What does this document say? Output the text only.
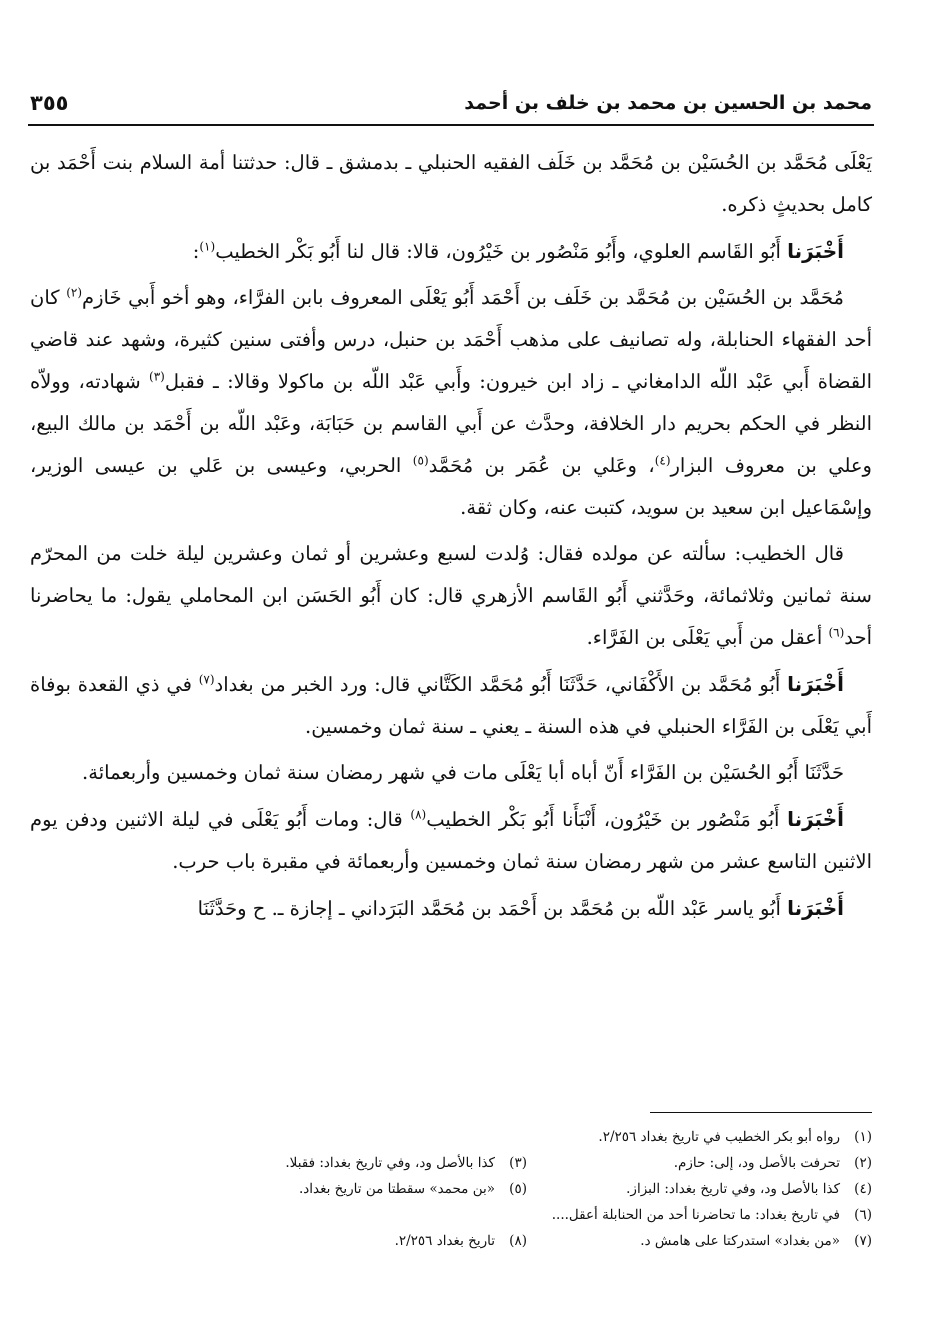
محمد بن الحسين بن محمد بن خلف بن أحمد
٣٥٥

يَعْلَى مُحَمَّد بن الحُسَيْن بن مُحَمَّد بن خَلَف الفقيه الحنبلي ـ بدمشق ـ قال: حدثتنا أمة السلام بنت أَحْمَد بن كامل بحديثٍ ذكره.

أَخْبَرَنا أَبُو القَاسم العلوي، وأَبُو مَنْصُور بن خَيْرُون، قالا: قال لنا أَبُو بَكْر الخطيب$^{(١)}$:

مُحَمَّد بن الحُسَيْن بن مُحَمَّد بن خَلَف بن أَحْمَد أَبُو يَعْلَى المعروف بابن الفرَّاء، وهو أخو أَبي خَازم$^{(٢)}$ كان أحد الفقهاء الحنابلة، وله تصانيف على مذهب أَحْمَد بن حنبل، درس وأفتى سنين كثيرة، وشهد عند قاضي القضاة أَبي عَبْد اللّه الدامغاني ـ زاد ابن خيرون: وأَبي عَبْد اللّه بن ماكولا وقالا: ـ فقبل$^{(٣)}$ شهادته، وولاّه النظر في الحكم بحريم دار الخلافة، وحدَّث عن أَبي القاسم بن حَبَابَة، وعَبْد اللّه بن أَحْمَد بن مالك البيع، وعلي بن معروف البزار$^{(٤)}$، وعَلي بن عُمَر بن مُحَمَّد$^{(٥)}$ الحربي، وعيسى بن عَلي بن عيسى الوزير، وإسْمَاعيل ابن سعيد بن سويد، كتبت عنه، وكان ثقة.

قال الخطيب: سألته عن مولده فقال: وُلدت لسبع وعشرين أو ثمان وعشرين ليلة خلت من المحرّم سنة ثمانين وثلاثمائة، وحَدَّثني أَبُو القَاسم الأزهري قال: كان أَبُو الحَسَن ابن المحاملي يقول: ما يحاضرنا أحد$^{(٦)}$ أعقل من أَبي يَعْلَى بن الفَرَّاء.

أَخْبَرَنا أَبُو مُحَمَّد بن الأَكْفَاني، حَدَّثَنَا أَبُو مُحَمَّد الكَتَّاني قال: ورد الخبر من بغداد$^{(٧)}$ في ذي القعدة بوفاة أَبي يَعْلَى بن الفَرَّاء الحنبلي في هذه السنة ـ يعني ـ سنة ثمان وخمسين.

حَدَّثَنَا أَبُو الحُسَيْن بن الفَرَّاء أَنّ أباه أبا يَعْلَى مات في شهر رمضان سنة ثمان وخمسين وأربعمائة.

أَخْبَرَنا أَبُو مَنْصُور بن خَيْرُون، أَنْبَأَنا أَبُو بَكْر الخطيب$^{(٨)}$ قال: ومات أَبُو يَعْلَى في ليلة الاثنين ودفن يوم الاثنين التاسع عشر من شهر رمضان سنة ثمان وخمسين وأربعمائة في مقبرة باب حرب.

أَخْبَرَنا أَبُو ياسر عَبْد اللّه بن مُحَمَّد بن أَحْمَد بن مُحَمَّد البَرَداني ـ إجازة ـ. ح وحَدَّثَنَا

(١)
رواه أبو بكر الخطيب في تاريخ بغداد ٢/٢٥٦.
(٢)
تحرفت بالأصل ود، إلى: حازم.
(٣)
كذا بالأصل ود، وفي تاريخ بغداد: فقبلا.
(٤)
كذا بالأصل ود، وفي تاريخ بغداد: البزاز.
(٥)
«بن محمد» سقطتا من تاريخ بغداد.
(٦)
في تاريخ بغداد: ما تحاضرنا أحد من الحنابلة أعقل....
(٧)
«من بغداد» استدركتا على هامش د.
(٨)
تاريخ بغداد ٢/٢٥٦.
